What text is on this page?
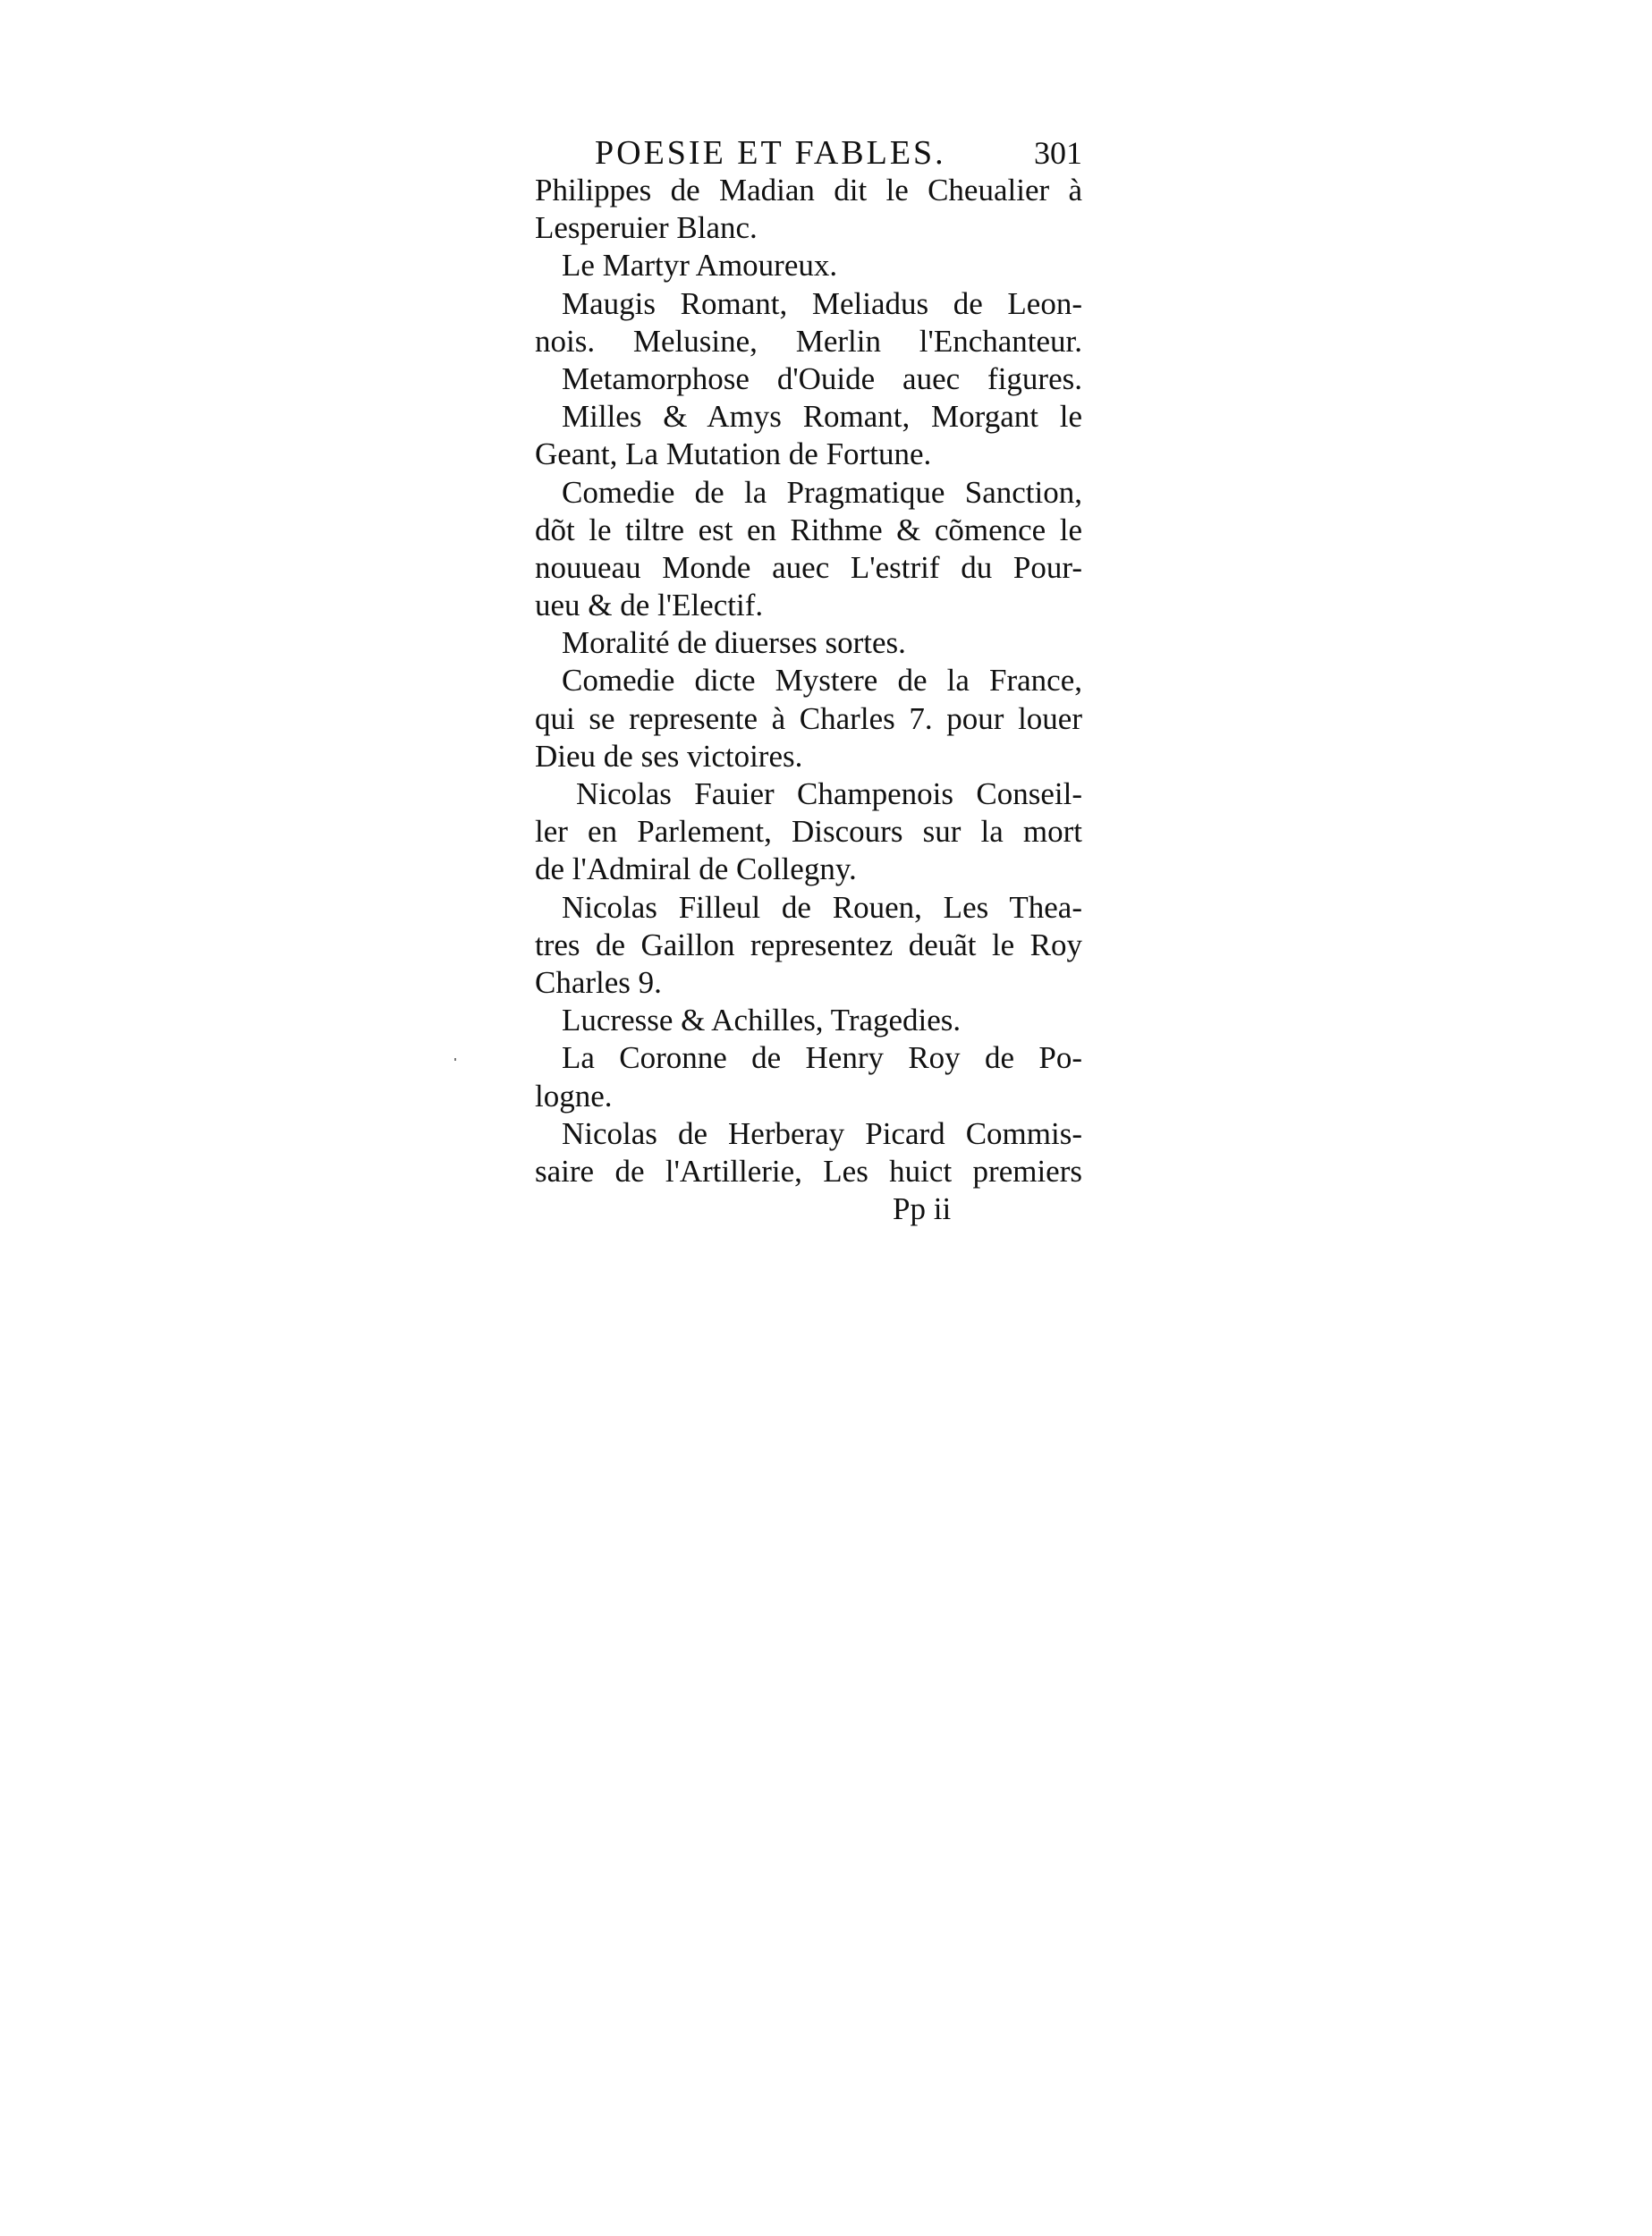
POESIE ET FABLES.	301
Philippes de Madian dit le Cheualier à
Lesperuier Blanc.
Le Martyr Amoureux.
Maugis Romant, Meliadus de Leon-
nois. Melusine, Merlin l'Enchanteur.
Metamorphose d'Ouide auec figures.
Milles & Amys Romant, Morgant le
Geant, La Mutation de Fortune.
Comedie de la Pragmatique Sanction,
dõt le tiltre est en Rithme & cõmence le
nouueau Monde auec L'estrif du Pour-
ueu & de l'Electif.
Moralité de diuerses sortes.
Comedie dicte Mystere de la France,
qui se represente à Charles 7. pour louer
Dieu de ses victoires.
Nicolas Fauier Champenois Conseil-
ler en Parlement, Discours sur la mort
de l'Admiral de Collegny.
Nicolas Filleul de Rouen, Les Thea-
tres de Gaillon representez deuãt le Roy
Charles 9.
Lucresse & Achilles, Tragedies.
La Coronne de Henry Roy de Po-
logne.
Nicolas de Herberay Picard Commis-
saire de l'Artillerie, Les huict premiers
Pp ii
